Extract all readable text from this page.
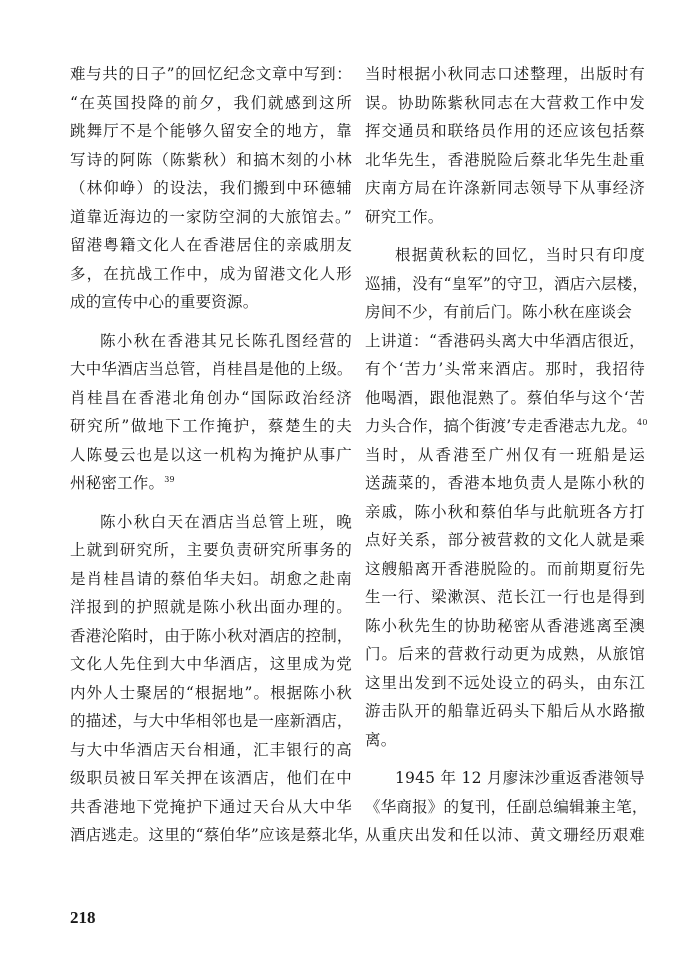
难与共的日子”的回忆纪念文章中写到：
“在英国投降的前夕，我们就感到这所
跳舞厅不是个能够久留安全的地方，靠
写诗的阿陈（陈紫秋）和搞木刻的小林
（林仰峥）的设法，我们搬到中环德辅
道靠近海边的一家防空洞的大旅馆去。”
留港粤籍文化人在香港居住的亲戚朋友
多，在抗战工作中，成为留港文化人形
成的宣传中心的重要资源。
陈小秋在香港其兄长陈孔图经营的
大中华酒店当总管，肖桂昌是他的上级。
肖桂昌在香港北角创办“国际政治经济
研究所”做地下工作掩护，蔡楚生的夫
人陈曼云也是以这一机构为掩护从事广
州秘密工作。$^{39}$
陈小秋白天在酒店当总管上班，晚
上就到研究所，主要负责研究所事务的
是肖桂昌请的蔡伯华夫妇。胡愈之赴南
洋报到的护照就是陈小秋出面办理的。
香港沦陷时，由于陈小秋对酒店的控制，
文化人先住到大中华酒店，这里成为党
内外人士聚居的“根据地”。根据陈小秋
的描述，与大中华相邻也是一座新酒店，
与大中华酒店天台相通，汇丰银行的高
级职员被日军关押在该酒店，他们在中
共香港地下党掩护下通过天台从大中华
酒店逃走。这里的“蔡伯华”应该是蔡北华，
当时根据小秋同志口述整理，出版时有
误。协助陈紫秋同志在大营救工作中发
挥交通员和联络员作用的还应该包括蔡
北华先生，香港脱险后蔡北华先生赴重
庆南方局在许涤新同志领导下从事经济
研究工作。
根据黄秋耘的回忆，当时只有印度
巡捕，没有“皇军”的守卫，酒店六层楼，
房间不少，有前后门。陈小秋在座谈会
上讲道：“香港码头离大中华酒店很近，
有个‘苦力’头常来酒店。那时，我招待
他喝酒，跟他混熟了。蔡伯华与这个‘苦
力头合作，搞个街渡’专走香港志九龙。$^{40}$
当时，从香港至广州仅有一班船是运
送蔬菜的，香港本地负责人是陈小秋的
亲戚，陈小秋和蔡伯华与此航班各方打
点好关系，部分被营救的文化人就是乘
这艘船离开香港脱险的。而前期夏衍先
生一行、梁漱溟、范长江一行也是得到
陈小秋先生的协助秘密从香港逃离至澳
门。后来的营救行动更为成熟，从旅馆
这里出发到不远处设立的码头，由东江
游击队开的船靠近码头下船后从水路撤
离。
1945 年 12 月廖沫沙重返香港领导
《华商报》的复刊，任副总编辑兼主笔，
从重庆出发和任以沛、黄文珊经历艰难
218
